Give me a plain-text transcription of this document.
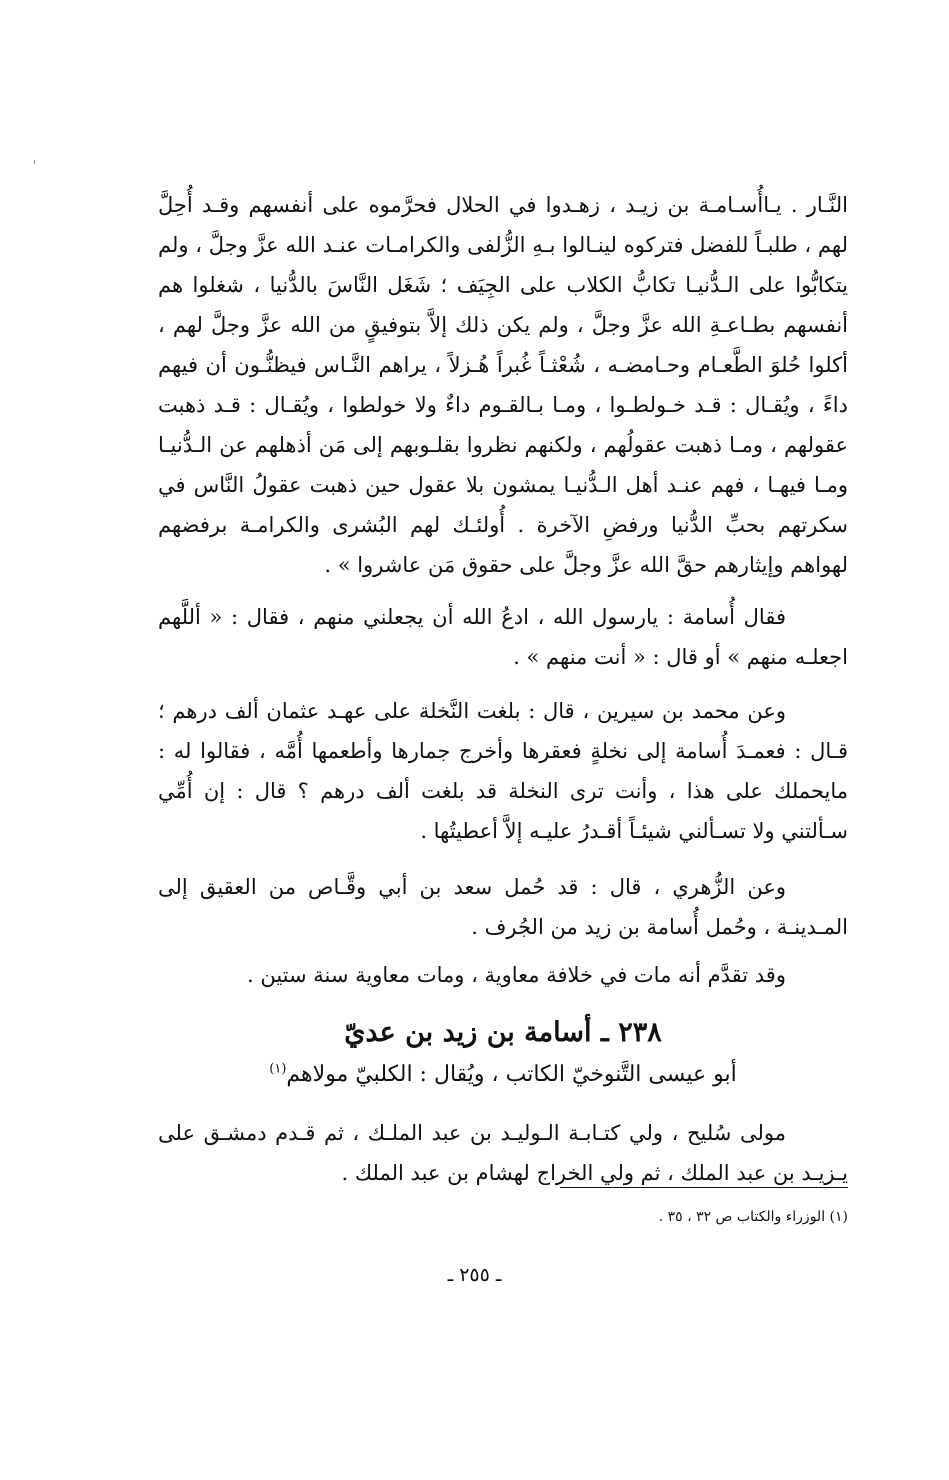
النَّـار . يـاأُسـامـة بن زيـد ، زهـدوا في الحلال فحرَّموه على أنفسهم وقـد أُحِلَّ لهم ، طلبـاً للفضل فتركوه لينـالوا بـهِ الزُّلفى والكرامـات عنـد الله عزَّ وجلَّ ، ولم يتكابُّوا على الـدُّنيـا تكابُّ الكلاب على الجِيَف ؛ شَغَل النَّاسَ بالدُّنيا ، شغلوا هم أنفسهم بطـاعـةِ الله عزَّ وجلَّ ، ولم يكن ذلك إلاَّ بتوفيقٍ من الله عزَّ وجلَّ لهم ، أكلوا حُلوَ الطَّعـام وحـامضـه ، شُعْثـاً غُبراً هُـزلاً ، يراهم النَّـاس فيظنُّـون أن فيهم داءً ، ويُقـال : قـد خـولطـوا ، ومـا بـالقـوم داءٌ ولا خولطوا ، ويُقـال : قـد ذهبت عقولهم ، ومـا ذهبت عقولُهم ، ولكنهم نظروا بقلـوبهم إلى مَن أذهلهم عن الـدُّنيـا ومـا فيهـا ، فهم عنـد أهل الـدُّنيـا يمشون بلا عقول حين ذهبت عقولُ النَّاس في سكرتهم بحبِّ الدُّنيا ورفضِ الآخرة . أُولئـك لهم البُشرى والكرامـة برفضهم لهواهم وإيثارهم حقَّ الله عزَّ وجلَّ على حقوق مَن عاشروا » .

فقال أُسامة : يارسول الله ، ادعُ الله أن يجعلني منهم ، فقال : « أللَّهم اجعلـه منهم » أو قال : « أنت منهم » .

وعن محمد بن سيرين ، قال : بلغت النَّخلة على عهـد عثمان ألف درهم ؛ قـال : فعمـدَ أُسامة إلى نخلةٍ فعقرها وأخرج جمارها وأطعمها أُمَّه ، فقالوا له : مايحملك على هذا ، وأنت ترى النخلة قد بلغت ألف درهم ؟ قال : إن أُمِّي سـألتني ولا تسـألني شيئـاً أقـدرُ عليـه إلاَّ أعطيتُها .

وعن الزُّهري ، قال : قد حُمل سعد بن أبي وقَّـاص من العقيق إلى المـدينـة ، وحُمل أُسامة بن زيد من الجُرف .

وقد تقدَّم أنه مات في خلافة معاوية ، ومات معاوية سنة ستين .

٢٣٨ ـ أسامة بن زيد بن عديّ

أبو عيسى التَّنوخيّ الكاتب ، ويُقال : الكلبيّ مولاهم$^{(١)}$

مولى سُليح ، ولي كتـابـة الـوليـد بن عبد الملـك ، ثم قـدم دمشـق على يـزيـد بن عبد الملك ، ثم ولي الخراج لهشام بن عبد الملك .

(١) الوزراء والكتاب ص ٣٢ ، ٣٥ .

ـ ٢٥٥ ـ
